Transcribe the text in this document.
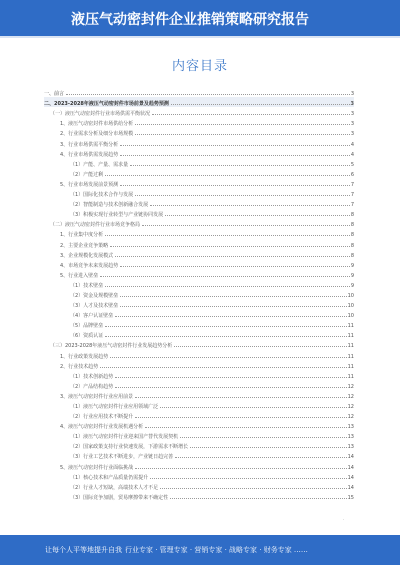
液压气动密封件企业推销策略研究报告
内容目录
一、前言	3
二、2023-2028年液压气动密封件市场前景及趋势预测	3
（一）液压气动密封件行业市场供需平衡状况	3
1、液压气动密封件市场供给分析	3
2、行业需求分析及细分市场规模	3
3、行业市场供需平衡分析	4
4、行业市场供需发展趋势	4
（1）产能、产量、需求量	5
（2）产能过剩	6
5、行业市场发展前景预测	7
（1）国际化技术合作与发展	7
（2）智能制造与技术创新融合发展	7
（3）积极实现行业转型与产业链协同发展	8
（二）液压气动密封件行业市场竞争格局	8
1、行业集中度分析	8
2、主要企业竞争策略	8
3、企业规模化发展模式	8
4、市场竞争未来发展趋势	9
5、行业进入壁垒	9
（1）技术壁垒	9
（2）资金及规模壁垒	10
（3）人才及技术壁垒	10
（4）客户认证壁垒	10
（5）品牌壁垒	11
（6）资质认证	11
（三）2023-2028年液压气动密封件行业发展趋势分析	11
1、行业政策发展趋势	11
2、行业技术趋势	11
（1）技术创新趋势	11
（2）产品结构趋势	12
3、液压气动密封件行业应用前景	12
（1）液压气动密封件行业应用领域广泛	12
（2）行业应用技术不断提升	12
4、液压气动密封件行业发展机遇分析	13
（1）液压气动密封件行业迎来国产替代发展契机	13
（2）国家政策支持行业快速发展，下游需求不断增长	13
（3）行业工艺技术不断进步，产业链日趋完善	14
5、液压气动密封件行业面临挑战	14
（1）核心技术和产品质量仍需提升	14
（2）行业人才短缺，高端技术人才不足	14
（3）国际竞争加剧，贸易摩擦带来不确定性	15
·
让每个人平等地提升自我 行业专家 · 管理专家 · 营销专家 · 战略专家 · 财务专家 ……
